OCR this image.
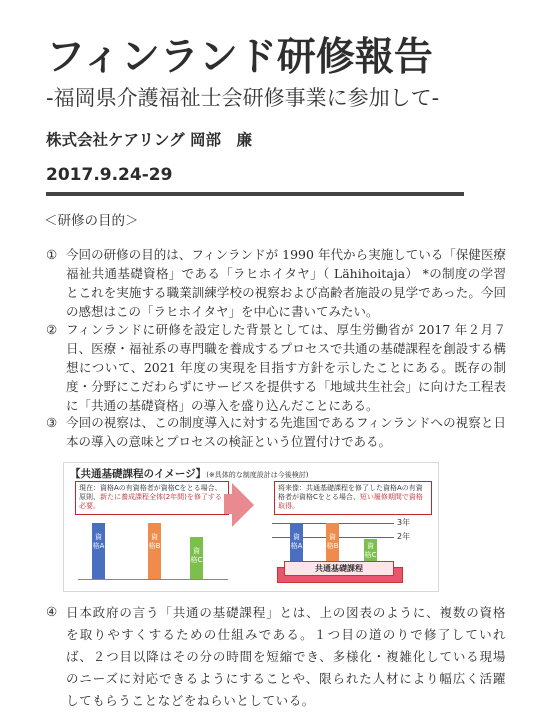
フィンランド研修報告
-福岡県介護福祉士会研修事業に参加して-
株式会社ケアリング 岡部　廉
2017.9.24-29
＜研修の目的＞
① 今回の研修の目的は、フィンランドが 1990 年代から実施している「保健医療福祉共通基礎資格」である「ラヒホイタヤ」（ Lähihoitaja） *の制度の学習とこれを実施する職業訓練学校の視察および高齢者施設の見学であった。今回の感想はこの「ラヒホイタヤ」を中心に書いてみたい。
② フィンランドに研修を設定した背景としては、厚生労働省が 2017 年２月７日、医療・福祉系の専門職を養成するプロセスで共通の基礎課程を創設する構想について、2021 年度の実現を目指す方針を示したことにある。既存の制度・分野にこだわらずにサービスを提供する「地域共生社会」に向けた工程表に「共通の基礎資格」の導入を盛り込んだことにある。
③ 今回の視察は、この制度導入に対する先進国であるフィンランドへの視察と日本の導入の意味とプロセスの検証という位置付けである。
【共通基礎課程のイメージ】(※具体的な制度設計は今後検討)
現在：資格Aの有資格者が資格Cをとる場合、原則、新たに養成課程全体(2年間)を修了する必要。
将来像：共通基礎課程を修了した資格Aの有資格者が資格Cをとる場合、短い履修期間で資格取得。
資格A
資格B
資格C
3年
2年
資格A
資格B	資格C
共通基礎課程
④ 日本政府の言う「共通の基礎課程」とは、上の図表のように、複数の資格を取りやすくするための仕組みである。１つ目の道のりで修了していれば、２つ目以降はその分の時間を短縮でき、多様化・複雑化している現場のニーズに対応できるようにすることや、限られた人材により幅広く活躍してもらうことなどをねらいとしている。
